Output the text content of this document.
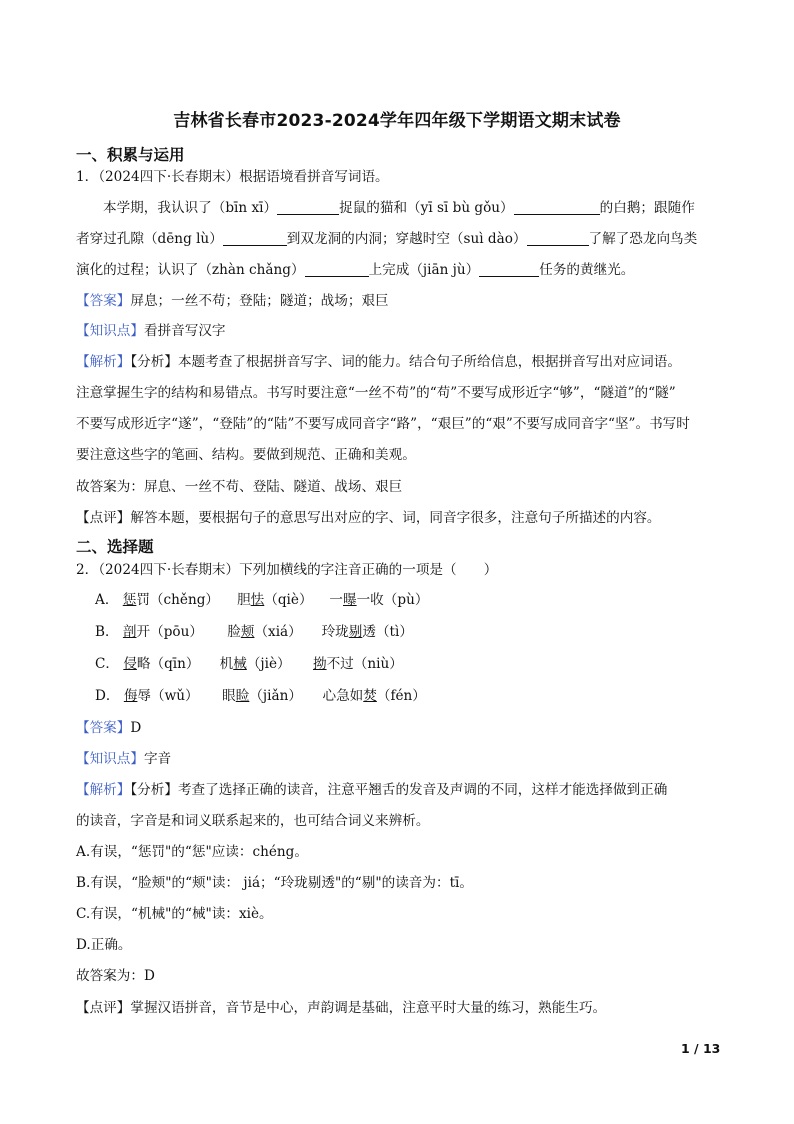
吉林省长春市2023-2024学年四年级下学期语文期末试卷
一、积累与运用
1．（2024四下·长春期末）根据语境看拼音写词语。
本学期，我认识了（bīn xī）	捉鼠的猫和（yī sī bù gǒu）	的白鹅；跟随作
者穿过孔隙（dēng lù）	到双龙洞的内洞；穿越时空（suì dào）	了解了恐龙向鸟类
演化的过程；认识了（zhàn chǎng）	上完成（jiān jù）	任务的黄继光。
【答案】屏息；一丝不苟；登陆；隧道；战场；艰巨
【知识点】看拼音写汉字
【解析】【分析】本题考查了根据拼音写字、词的能力。结合句子所给信息，根据拼音写出对应词语。
注意掌握生字的结构和易错点。书写时要注意“一丝不苟”的“苟”不要写成形近字“够”，“隧道”的“隧”
不要写成形近字“遂”，“登陆”的“陆”不要写成同音字“路”，“艰巨”的“艰”不要写成同音字“坚”。书写时
要注意这些字的笔画、结构。要做到规范、正确和美观。
故答案为：屏息、一丝不苟、登陆、隧道、战场、艰巨
【点评】解答本题，要根据句子的意思写出对应的字、词，同音字很多，注意句子所描述的内容。
二、选择题
2．（2024四下·长春期末）下列加横线的字注音正确的一项是（　　）
A． 惩罚（chěng） 胆怯（qiè） 一曝一收（pù）
B． 剖开（pōu） 脸颊（xiá） 玲珑剔透（tì）
C． 侵略（qīn） 机械（jiè） 拗不过（niù）
D． 侮辱（wǔ） 眼睑（jiǎn） 心急如焚（fén）
【答案】D
【知识点】字音
【解析】【分析】考查了选择正确的读音，注意平翘舌的发音及声调的不同，这样才能选择做到正确
的读音，字音是和词义联系起来的，也可结合词义来辨析。
A.有误，“惩罚"的“惩"应读：chéng。
B.有误，“脸颊"的“颊"读： jiá；“玲珑剔透"的“剔"的读音为：tī。
C.有误，“机械"的“械"读：xiè。
D.正确。
故答案为：D
【点评】掌握汉语拼音，音节是中心，声韵调是基础，注意平时大量的练习，熟能生巧。
1 / 13
